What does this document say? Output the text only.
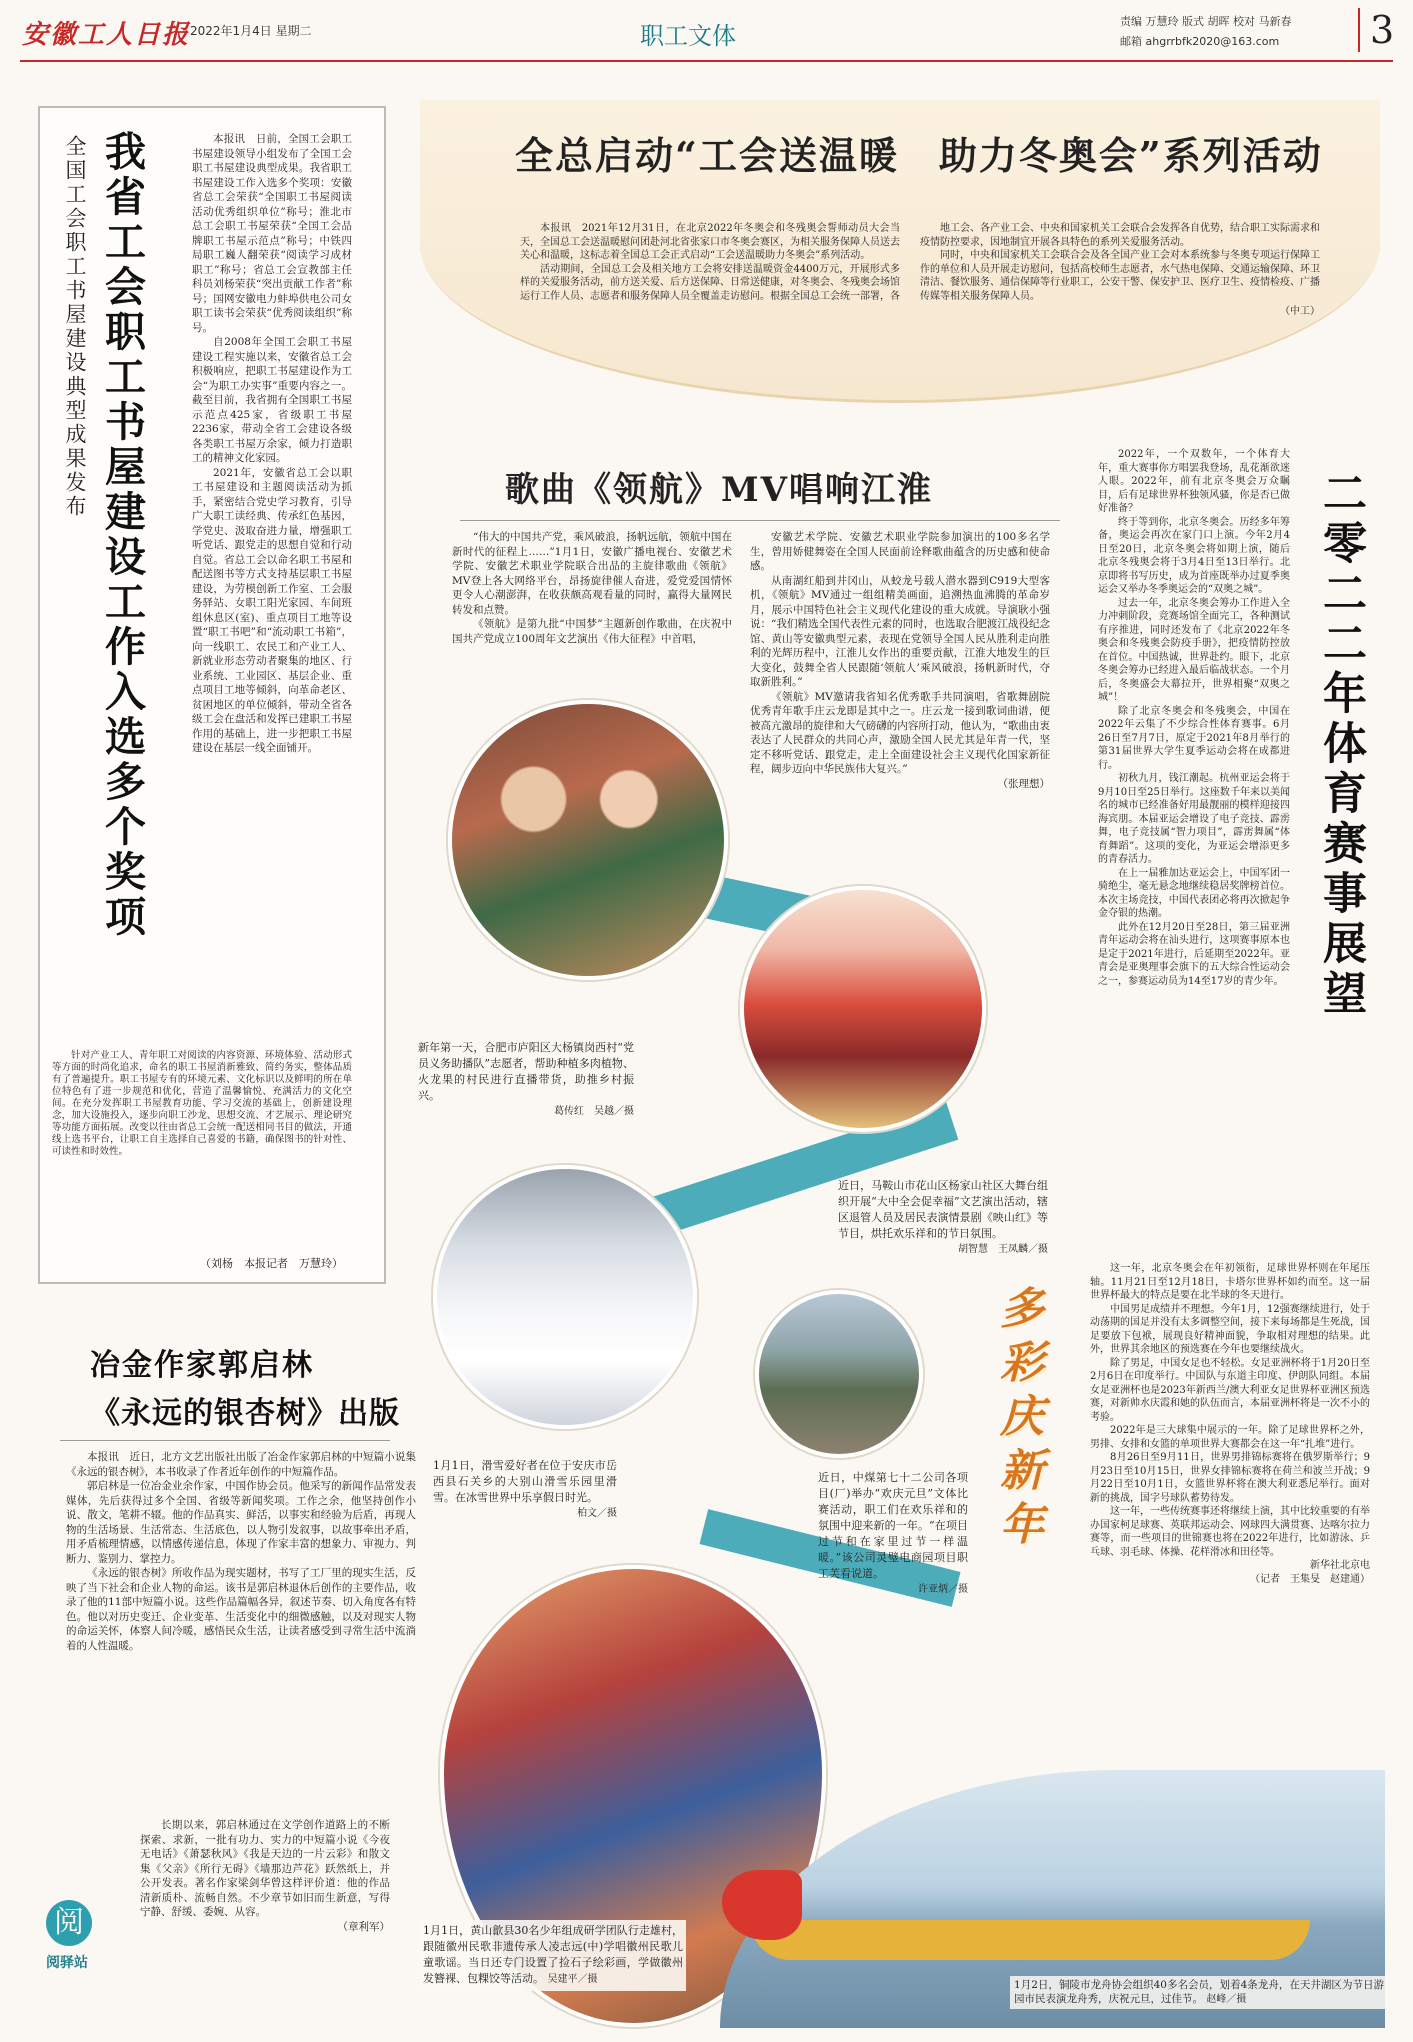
安徽工人日报 2022年1月4日 星期二	职工文体
责编 万慧玲 版式 胡晖 校对 马新春
邮箱 ahgrrbfk2020@163.com	3
我省工会职工书屋建设工作入选多个奖项
全国工会职工书屋建设典型成果发布	本报讯　日前，全国工会职工书屋建设领导小组发布了全国工会职工书屋建设典型成果。我省职工书屋建设工作入选多个奖项：安徽省总工会荣获“全国职工书屋阅读活动优秀组织单位”称号；淮北市总工会职工书屋荣获“全国工会品牌职工书屋示范点”称号；中铁四局职工巍人翻荣获“阅读学习成材职工”称号；省总工会宣教部主任科员刘杨荣获“突出贡献工作者”称号；国网安徽电力蚌埠供电公司女职工读书会荣获“优秀阅读组织”称号。

自2008年全国工会职工书屋建设工程实施以来，安徽省总工会积极响应，把职工书屋建设作为工会“为职工办实事”重要内容之一。截至目前，我省拥有全国职工书屋示范点425家，省级职工书屋2236家，带动全省工会建设各级各类职工书屋万余家，倾力打造职工的精神文化家园。

2021年，安徽省总工会以职工书屋建设和主题阅读活动为抓手，紧密结合党史学习教育，引导广大职工读经典、传承红色基因，学党史、汲取奋进力量，增强职工听党话、跟党走的思想自觉和行动自觉。省总工会以命名职工书屋和配送图书等方式支持基层职工书屋建设，为劳模创新工作室、工会服务驿站、女职工阳光家园、车间班组休息区(室)、重点项目工地等设置“职工书吧”和“流动职工书箱”，向一线职工、农民工和产业工人、新就业形态劳动者聚集的地区、行业系统、工业园区、基层企业、重点项目工地等倾斜，向革命老区、贫困地区的单位倾斜，带动全省各级工会在盘活和发挥已建职工书屋作用的基础上，进一步把职工书屋建设在基层一线全面铺开。

针对产业工人、青年职工对阅读的内容资源、环境体验、活动形式等方面的时尚化追求，命名的职工书屋消新雅致、简约务实，整体品质有了普遍提升。职工书屋专有的环境元素、文化标识以及鲜明的所在单位特色有了进一步规范和优化，营造了温馨愉悦、充满活力的文化空间。在充分发挥职工书屋教育功能、学习交流的基础上，创新建设理念，加大设施投入，逐步向职工沙龙、思想交流、才艺展示、理论研究等功能方面拓展。改变以往由省总工会统一配送相同书目的做法，开通线上选书平台，让职工自主选择自己喜爱的书籍，确保图书的针对性、可读性和时效性。

（刘杨　本报记者　万慧玲）
全总启动“工会送温暖　助力冬奥会”系列活动

本报讯　2021年12月31日，在北京2022年冬奥会和冬残奥会誓师动员大会当天，全国总工会送温暖慰问团赴河北省张家口市冬奥会赛区，为相关服务保障人员送去关心和温暖，这标志着全国总工会正式启动“工会送温暖助力冬奥会”系列活动。

活动期间，全国总工会及相关地方工会将安排送温暖资金4400万元，开展形式多样的关爱服务活动，前方送关爱、后方送保障、日常送健康，对冬奥会、冬残奥会场馆运行工作人员、志愿者和服务保障人员全覆盖走访慰问。根据全国总工会统一部署，各

地工会、各产业工会、中央和国家机关工会联合会发挥各自优势，结合职工实际需求和疫情防控要求，因地制宜开展各具特色的系列关爱服务活动。

同时，中央和国家机关工会联合会及各全国产业工会对本系统参与冬奥专项运行保障工作的单位和人员开展走访慰问，包括高校师生志愿者，水气热电保障、交通运输保障、环卫清洁、餐饮服务、通信保障等行业职工，公安干警、保安护卫、医疗卫生、疫情检疫、广播传媒等相关服务保障人员。

（中工）
歌曲《领航》MV唱响江淮

“伟大的中国共产党，乘风破浪，扬帆远航，领航中国在新时代的征程上……”1月1日，安徽广播电视台、安徽艺术学院、安徽艺术职业学院联合出品的主旋律歌曲《领航》MV登上各大网络平台，昂扬旋律催人奋进，爱党爱国情怀更令人心潮澎湃，在收获颇高观看量的同时，赢得大量网民转发和点赞。

《领航》是第九批“中国梦”主题新创作歌曲，在庆祝中国共产党成立100周年文艺演出《伟大征程》中首唱，

安徽艺术学院、安徽艺术职业学院参加演出的100多名学生，曾用娇健舞姿在全国人民面前诠释歌曲蕴含的历史感和使命感。

从南湖红船到井冈山，从蛟龙号载人潜水器到C919大型客机，《领航》MV通过一组组精美画面，追溯热血沸腾的革命岁月，展示中国特色社会主义现代化建设的重大成就。导演耿小强说：“我们精选全国代表性元素的同时，也选取合肥渡江战役纪念馆、黄山等安徽典型元素，表现在党领导全国人民从胜利走向胜利的光辉历程中，江淮儿女作出的重要贡献，江淮大地发生的巨大变化，鼓舞全省人民跟随‘领航人’乘风破浪，扬帆新时代，夺取新胜利。”

《领航》MV邀请我省知名优秀歌手共同演唱，省歌舞剧院优秀青年歌手庄云龙即是其中之一。庄云龙一接到歌词曲谱，便被高亢激昂的旋律和大气磅礴的内容所打动，他认为，“歌曲由衷表达了人民群众的共同心声，激励全国人民尤其是年青一代，坚定不移听党话、跟党走，走上全面建设社会主义现代化国家新征程，阔步迈向中华民族伟大复兴。”

（张理想）	二零二二年体育赛事展望

2022年，一个双数年，一个体育大年，重大赛事你方唱罢我登场，乱花渐欲迷人眼。2022年，前有北京冬奥会万众瞩目，后有足球世界杯独领风骚，你是否已做好准备？

终于等到你，北京冬奥会。历经多年筹备，奥运会再次在家门口上演。今年2月4日至20日，北京冬奥会将如期上演，随后北京冬残奥会将于3月4日至13日举行。北京即将书写历史，成为首座既举办过夏季奥运会又举办冬季奥运会的“双奥之城”。

过去一年，北京冬奥会筹办工作进入全力冲刺阶段，竞赛场馆全面完工，各种测试有序推进，同时还发布了《北京2022年冬奥会和冬残奥会防疫手册》，把疫情防控放在首位。中国热诚，世界赴约。眼下，北京冬奥会筹办已经进入最后临战状态。一个月后，冬奥盛会大幕拉开，世界相聚“双奥之城”！

除了北京冬奥会和冬残奥会，中国在2022年云集了不少综合性体育赛事。6月26日至7月7日，原定于2021年8月举行的第31届世界大学生夏季运动会将在成都进行。

初秋九月，钱江潮起。杭州亚运会将于9月10日至25日举行。这座数千年来以美闻名的城市已经准备好用最靓丽的模样迎接四海宾朋。本届亚运会增设了电子竞技、霹雳舞，电子竞技属“智力项目”，霹雳舞属“体育舞蹈”。这项的变化，为亚运会增添更多的青春活力。

在上一届雅加达亚运会上，中国军团一骑绝尘，毫无悬念地继续稳居奖牌榜首位。本次主场竞技，中国代表团必将再次掀起争金夺银的热潮。

此外在12月20日至28日，第三届亚洲青年运动会将在汕头进行，这项赛事原本也是定于2021年进行，后延期至2022年。亚青会是亚奥理事会旗下的五大综合性运动会之一，参赛运动员为14至17岁的青少年。

这一年，北京冬奥会在年初领衔，足球世界杯则在年尾压轴。11月21日至12月18日，卡塔尔世界杯如约而至。这一届世界杯最大的特点是要在北半球的冬天进行。

中国男足成绩并不理想。今年1月，12强赛继续进行，处于动荡期的国足并没有太多调整空间，接下来每场都是生死战，国足要放下包袱，展现良好精神面貌，争取相对理想的结果。此外，世界其余地区的预选赛在今年也要继续战火。

除了男足，中国女足也不轻松。女足亚洲杯将于1月20日至2月6日在印度举行。中国队与东道主印度、伊朗队同组。本届女足亚洲杯也是2023年新西兰/澳大利亚女足世界杯亚洲区预选赛，对新帅水庆霞和她的队伍而言，本届亚洲杯将是一次不小的考验。

2022年是三大球集中展示的一年。除了足球世界杯之外，男排、女排和女篮的单项世界大赛都会在这一年“扎堆”进行。

8月26日至9月11日，世界男排锦标赛将在俄罗斯举行；9月23日至10月15日，世界女排锦标赛将在荷兰和波兰开战；9月22日至10月1日，女篮世界杯将在澳大利亚悉尼举行。面对新的挑战，国字号球队蓄势待发。

这一年，一些传统赛事还将继续上演，其中比较重要的有举办国家柯足球赛、英联邦运动会、网球四大满贯赛、达喀尔拉力赛等，而一些项目的世锦赛也将在2022年进行，比如游泳、乒乓球、羽毛球、体操、花样滑冰和田径等。

新华社北京电
（记者　王集旻　赵建通）
冶金作家郭启林
《永远的银杏树》出版

本报讯　近日，北方文艺出版社出版了冶金作家郭启林的中短篇小说集《永远的银杏树》，本书收录了作者近年创作的中短篇作品。

郭启林是一位冶金业余作家，中国作协会员。他采写的新闻作品常发表媒体，先后获得过多个全国、省级等新闻奖项。工作之余，他坚持创作小说、散文，笔耕不辍。他的作品真实、鲜活，以事实和经验为后盾，再现人物的生活场景、生活常态、生活底色，以人物引发叙事，以故事牵出矛盾，用矛盾梳理情感，以情感传递信息，体现了作家丰富的想象力、审视力、判断力、鉴别力、掌控力。

《永远的银杏树》所收作品为现实题材，书写了工厂里的现实生活，反映了当下社会和企业人物的命运。该书是郭启林退休后创作的主要作品，收录了他的11部中短篇小说。这些作品篇幅各异，叙述节奏、切入角度各有特色。他以对历史变迁、企业变革、生活变化中的细微感触，以及对现实人物的命运关怀，体察人间冷暖，感悟民众生活，让读者感受到寻常生活中流淌着的人性温暖。

长期以来，郭启林通过在文学创作道路上的不断探索、求新，一批有功力、实力的中短篇小说《今夜无电话》《萧瑟秋风》《我是天边的一片云彩》和散文集《父亲》《所行无碍》《墙那边芦花》跃然纸上，并公开发表。著名作家梁剑华曾这样评价道：他的作品清新质朴、流畅自然。不少章节如旧而生新意，写得宁静、舒缓、委婉、从容。

（章利军）
阅
阅驿站
新年第一天，合肥市庐阳区大杨镇岗西村“党员义务助播队”志愿者，帮助种植多肉植物、火龙果的村民进行直播带货，助推乡村振兴。
葛传红　吴越／摄
近日，马鞍山市花山区杨家山社区大舞台组织开展“大中全会促幸福”文艺演出活动，辖区退管人员及居民表演情景剧《映山红》等节目，烘托欢乐祥和的节日氛围。
胡智慧　王凤麟／摄
1月1日，滑雪爱好者在位于安庆市岳西县石关乡的大别山滑雪乐园里滑雪。在冰雪世界中乐享假日时光。
柏文／摄
近日，中煤第七十二公司各项目(厂)举办“欢庆元旦”文体比赛活动，职工们在欢乐祥和的氛围中迎来新的一年。“在项目过节和在家里过节一样温暖。”该公司灵璧电商园项目职工芙看说道。
许亚炳／摄
多彩庆新年
1月1日，黄山歙县30名少年组成研学团队行走雄村，跟随徽州民歌非遗传承人凌志远(中)学唱徽州民歌儿童歌谣。当日还专门设置了捡石子绘彩画，学做徽州发簪裸、包粿饺等活动。 吴建平／摄	1月2日，铜陵市龙舟协会组织40多名会员，划着4条龙舟，在天井湖区为节日游园市民表演龙舟秀，庆祝元旦，过佳节。 赵峰／摄
